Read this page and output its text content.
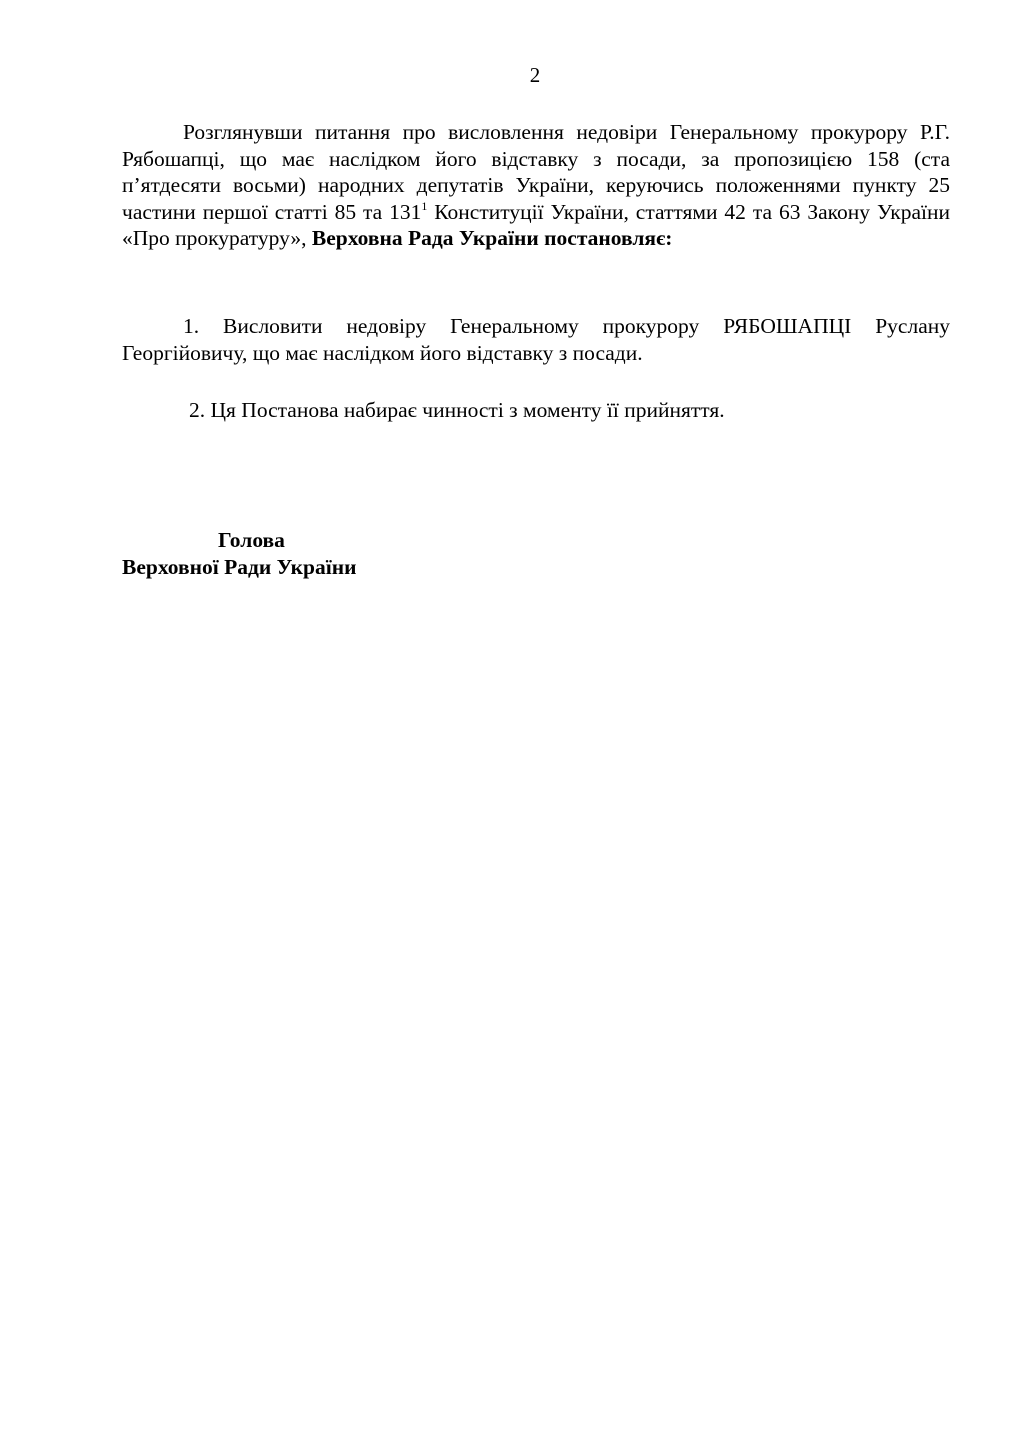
2
Розглянувши питання про висловлення недовіри Генеральному прокурору Р.Г. Рябошапці, що має наслідком його відставку з посади, за пропозицією 158 (ста п’ятдесяти восьми) народних депутатів України, керуючись положеннями пункту 25 частини першої статті 85 та $131^1$ Конституції України, статтями 42 та 63 Закону України «Про прокуратуру», Верховна Рада України постановляє:
1. Висловити недовіру Генеральному прокурору РЯБОШАПЦІ Руслану Георгійовичу, що має наслідком його відставку з посади.
2. Ця Постанова набирає чинності з моменту її прийняття.
Голова
Верховної Ради України
